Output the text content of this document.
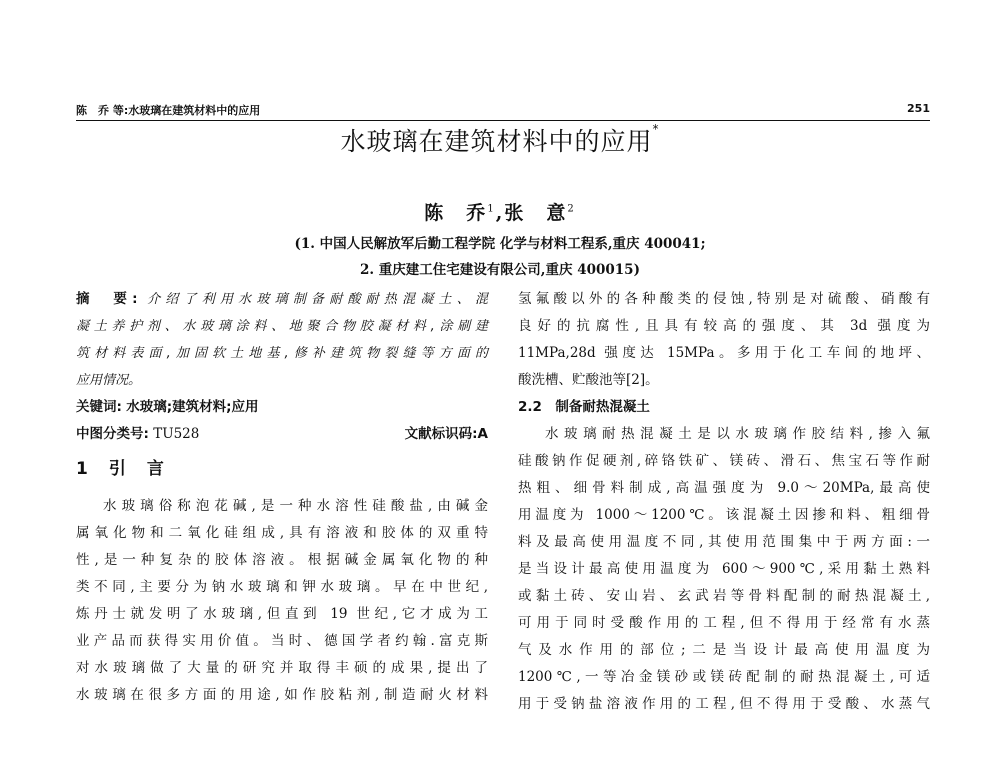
陈　乔 等:水玻璃在建筑材料中的应用	251
水玻璃在建筑材料中的应用*
陈　乔$^1$,张　意$^2$
(1. 中国人民解放军后勤工程学院 化学与材料工程系,重庆 400041;
2. 重庆建工住宅建设有限公司,重庆 400015)

摘　要: 介绍了利用水玻璃制备耐酸耐热混凝土、混

凝土养护剂、水玻璃涂料、地聚合物胶凝材料,涂刷建

筑材料表面,加固软土地基,修补建筑物裂缝等方面的

应用情况。

关键词: 水玻璃;建筑材料;应用

中图分类号: TU528	文献标识码:A

1　引　言

水玻璃俗称泡花碱,是一种水溶性硅酸盐,由碱金

属氧化物和二氧化硅组成,具有溶液和胶体的双重特

性,是一种复杂的胶体溶液。根据碱金属氧化物的种

类不同,主要分为钠水玻璃和钾水玻璃。早在中世纪,

炼丹士就发明了水玻璃,但直到 19 世纪,它才成为工

业产品而获得实用价值。当时、德国学者约翰.富克斯

对水玻璃做了大量的研究并取得丰硕的成果,提出了

水玻璃在很多方面的用途,如作胶粘剂,制造耐火材料

氢氟酸以外的各种酸类的侵蚀,特别是对硫酸、硝酸有

良好的抗腐性,且具有较高的强度、其 3d 强度为

11MPa,28d 强度达 15MPa。多用于化工车间的地坪、

酸洗槽、贮酸池等[2]。

2.2　制备耐热混凝土

水玻璃耐热混凝土是以水玻璃作胶结料,掺入氟

硅酸钠作促硬剂,碎铬铁矿、镁砖、滑石、焦宝石等作耐

热粗、细骨料制成,高温强度为 9.0～20MPa,最高使

用温度为 1000～1200℃。该混凝土因掺和料、粗细骨

料及最高使用温度不同,其使用范围集中于两方面:一

是当设计最高使用温度为 600～900℃,采用黏土熟料

或黏土砖、安山岩、玄武岩等骨料配制的耐热混凝土,

可用于同时受酸作用的工程,但不得用于经常有水蒸

气及水作用的部位;二是当设计最高使用温度为

1200℃,一等冶金镁砂或镁砖配制的耐热混凝土,可适

用于受钠盐溶液作用的工程,但不得用于受酸、水蒸气
